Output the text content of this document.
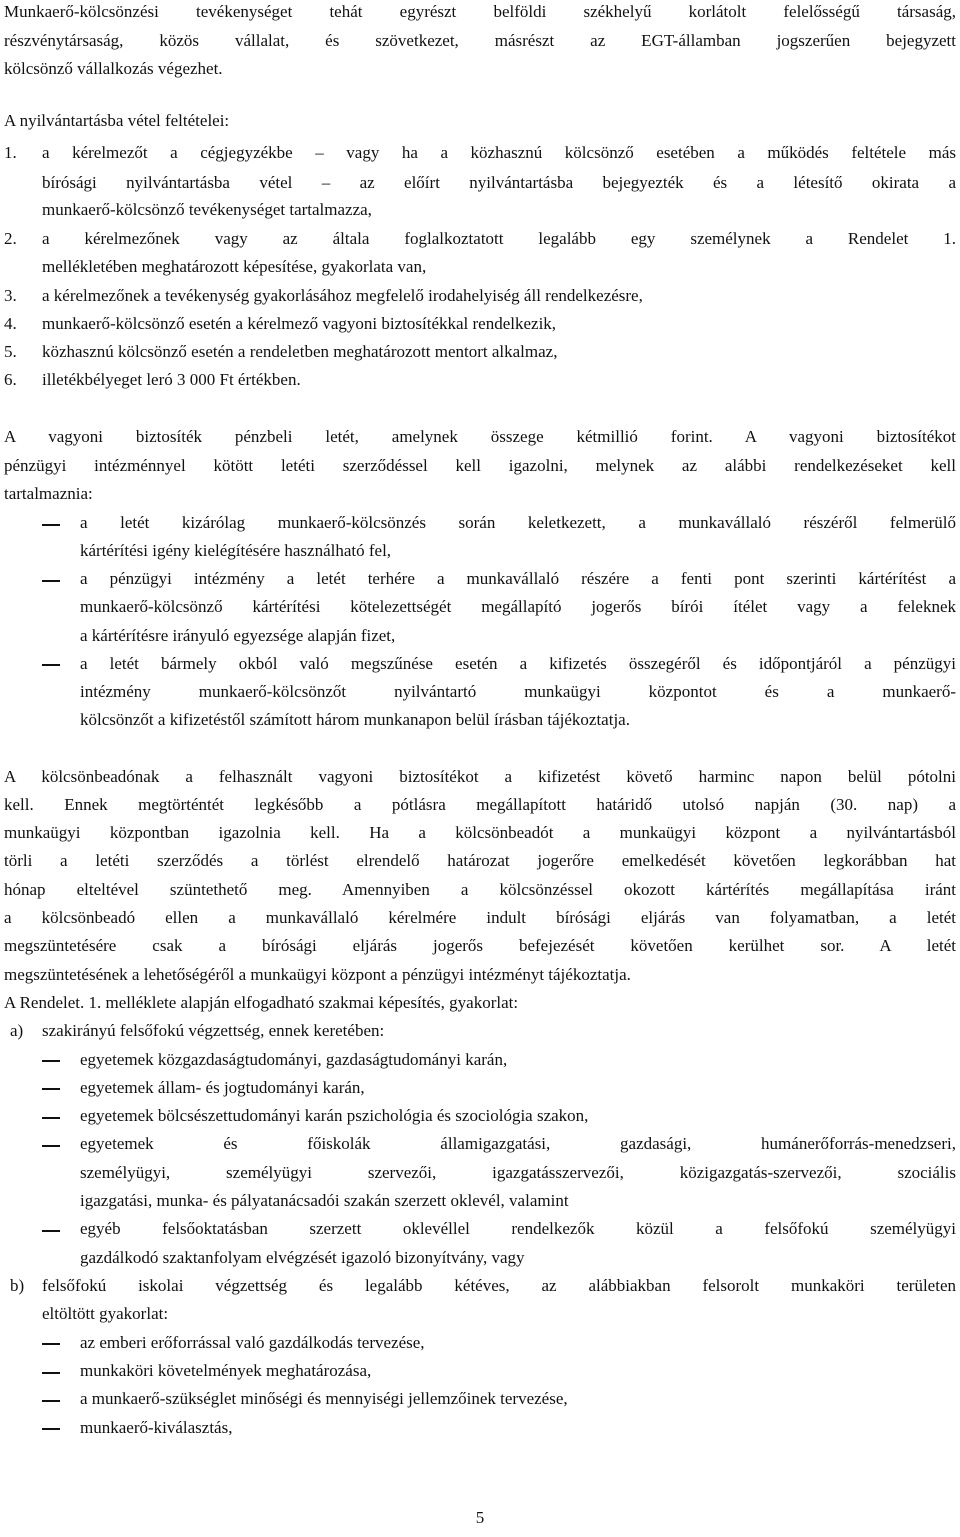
Munkaerő-kölcsönzési tevékenységet tehát egyrészt belföldi székhelyű korlátolt felelősségű társaság,
részvénytársaság, közös vállalat, és szövetkezet, másrészt az EGT-államban jogszerűen bejegyzett
kölcsönző vállalkozás végezhet.
A nyilvántartásba vétel feltételei:
1. a kérelmezőt a cégjegyzékbe – vagy ha a közhasznú kölcsönző esetében a működés feltétele más
bírósági nyilvántartásba vétel – az előírt nyilvántartásba bejegyezték és a létesítő okirata a
munkaerő-kölcsönző tevékenységet tartalmazza,
2. a kérelmezőnek vagy az általa foglalkoztatott legalább egy személynek a Rendelet 1.
mellékletében meghatározott képesítése, gyakorlata van,
3. a kérelmezőnek a tevékenység gyakorlásához megfelelő irodahelyiség áll rendelkezésre,
4. munkaerő-kölcsönző esetén a kérelmező vagyoni biztosítékkal rendelkezik,
5. közhasznú kölcsönző esetén a rendeletben meghatározott mentort alkalmaz,
6. illetékbélyeget leró 3 000 Ft értékben.
A vagyoni biztosíték pénzbeli letét, amelynek összege kétmillió forint. A vagyoni biztosítékot
pénzügyi intézménnyel kötött letéti szerződéssel kell igazolni, melynek az alábbi rendelkezéseket kell
tartalmaznia:
a letét kizárólag munkaerő-kölcsönzés során keletkezett, a munkavállaló részéről felmerülő
kártérítési igény kielégítésére használható fel,
a pénzügyi intézmény a letét terhére a munkavállaló részére a fenti pont szerinti kártérítést a
munkaerő-kölcsönző kártérítési kötelezettségét megállapító jogerős bírói ítélet vagy a feleknek
a kártérítésre irányuló egyezsége alapján fizet,
a letét bármely okból való megszűnése esetén a kifizetés összegéről és időpontjáról a pénzügyi
intézmény munkaerő-kölcsönzőt nyilvántartó munkaügyi központot és a munkaerő-
kölcsönzőt a kifizetéstől számított három munkanapon belül írásban tájékoztatja.
A kölcsönbeadónak a felhasznált vagyoni biztosítékot a kifizetést követő harminc napon belül pótolni
kell. Ennek megtörténtét legkésőbb a pótlásra megállapított határidő utolsó napján (30. nap) a
munkaügyi központban igazolnia kell. Ha a kölcsönbeadót a munkaügyi központ a nyilvántartásból
törli a letéti szerződés a törlést elrendelő határozat jogerőre emelkedését követően legkorábban hat
hónap elteltével szüntethető meg. Amennyiben a kölcsönzéssel okozott kártérítés megállapítása iránt
a kölcsönbeadó ellen a munkavállaló kérelmére indult bírósági eljárás van folyamatban, a letét
megszüntetésére csak a bírósági eljárás jogerős befejezését követően kerülhet sor. A letét
megszüntetésének a lehetőségéről a munkaügyi központ a pénzügyi intézményt tájékoztatja.
A Rendelet. 1. melléklete alapján elfogadható szakmai képesítés, gyakorlat:
a) szakirányú felsőfokú végzettség, ennek keretében:
egyetemek közgazdaságtudományi, gazdaságtudományi karán,
egyetemek állam- és jogtudományi karán,
egyetemek bölcsészettudományi karán pszichológia és szociológia szakon,
egyetemek és főiskolák államigazgatási, gazdasági, humánerőforrás-menedzseri,
személyügyi, személyügyi szervezői, igazgatásszervezői, közigazgatás-szervezői, szociális
igazgatási, munka- és pályatanácsadói szakán szerzett oklevél, valamint
egyéb felsőoktatásban szerzett oklevéllel rendelkezők közül a felsőfokú személyügyi
gazdálkodó szaktanfolyam elvégzését igazoló bizonyítvány, vagy
b) felsőfokú iskolai végzettség és legalább kétéves, az alábbiakban felsorolt munkaköri területen
eltöltött gyakorlat:
az emberi erőforrással való gazdálkodás tervezése,
munkaköri követelmények meghatározása,
a munkaerő-szükséglet minőségi és mennyiségi jellemzőinek tervezése,
munkaerő-kiválasztás,
5
